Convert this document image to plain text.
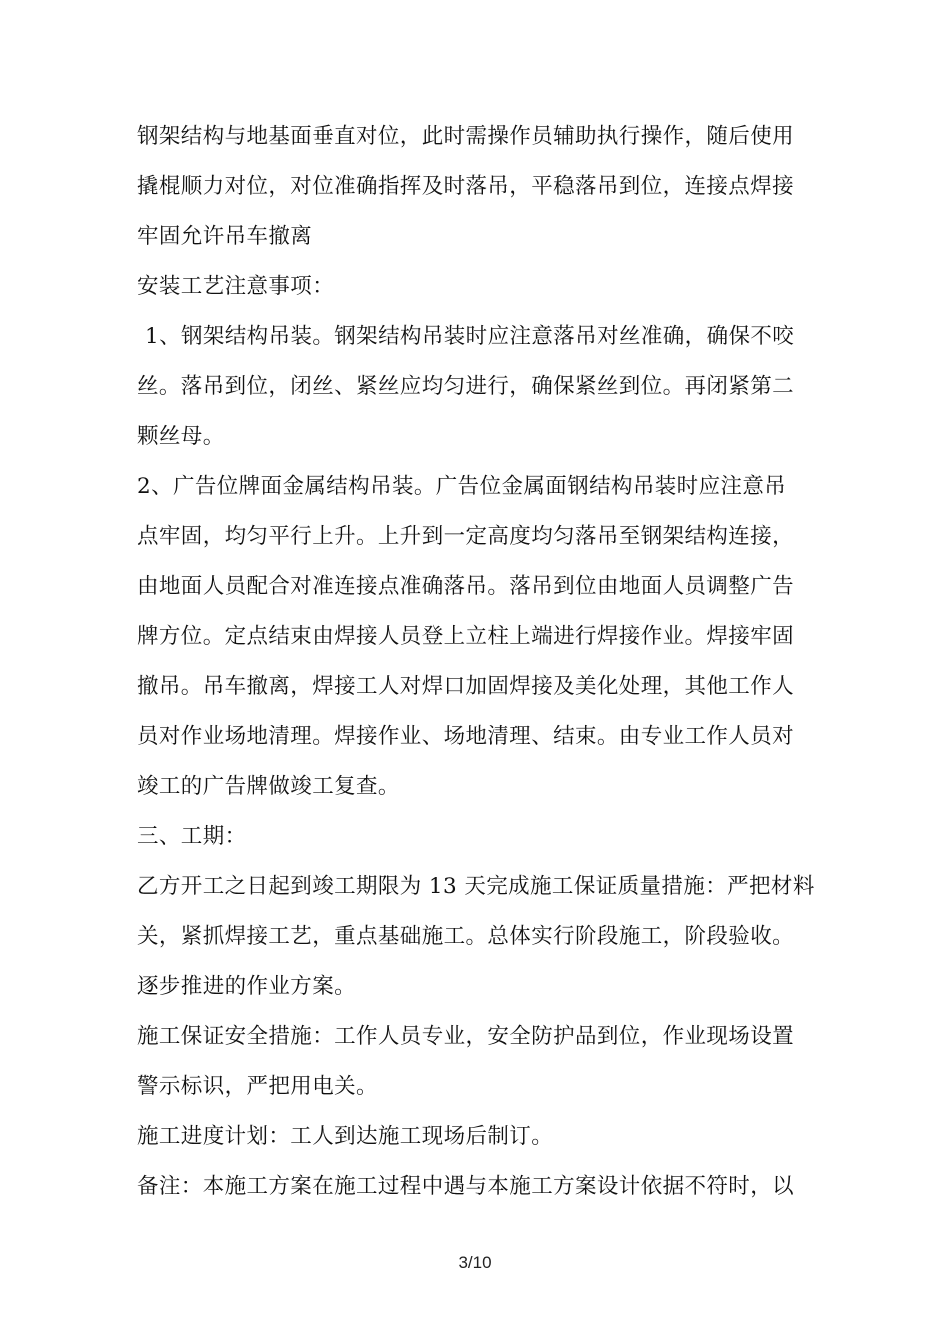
钢架结构与地基面垂直对位，此时需操作员辅助执行操作，随后使用
撬棍顺力对位，对位准确指挥及时落吊，平稳落吊到位，连接点焊接
牢固允许吊车撤离
安装工艺注意事项：
1、钢架结构吊装。钢架结构吊装时应注意落吊对丝准确，确保不咬
丝。落吊到位，闭丝、紧丝应均匀进行，确保紧丝到位。再闭紧第二
颗丝母。
2、广告位牌面金属结构吊装。广告位金属面钢结构吊装时应注意吊
点牢固，均匀平行上升。上升到一定高度均匀落吊至钢架结构连接，
由地面人员配合对准连接点准确落吊。落吊到位由地面人员调整广告
牌方位。定点结束由焊接人员登上立柱上端进行焊接作业。焊接牢固
撤吊。吊车撤离，焊接工人对焊口加固焊接及美化处理，其他工作人
员对作业场地清理。焊接作业、场地清理、结束。由专业工作人员对
竣工的广告牌做竣工复查。
三、工期：
乙方开工之日起到竣工期限为 13 天完成施工保证质量措施：严把材料
关，紧抓焊接工艺，重点基础施工。总体实行阶段施工，阶段验收。
逐步推进的作业方案。
施工保证安全措施：工作人员专业，安全防护品到位，作业现场设置
警示标识，严把用电关。
施工进度计划：工人到达施工现场后制订。
备注：本施工方案在施工过程中遇与本施工方案设计依据不符时，以
3/10
